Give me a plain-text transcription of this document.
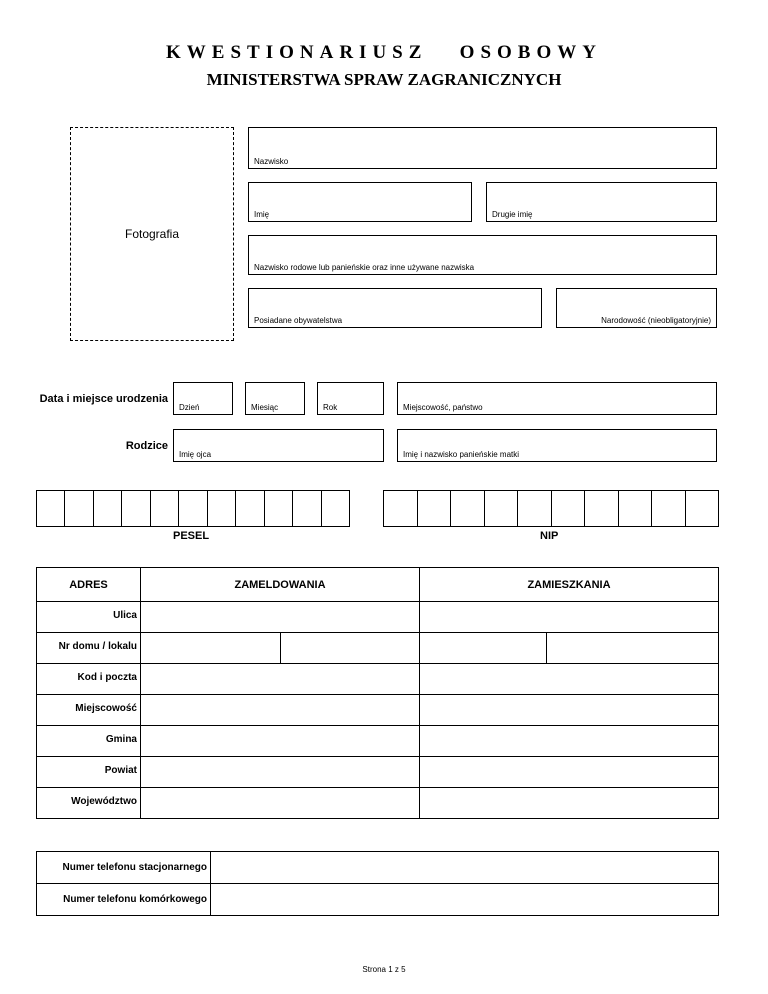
KWESTIONARIUSZ   OSOBOWY
MINISTERSTWA SPRAW ZAGRANICZNYCH
Fotografia
Nazwisko
Imię	Drugie imię
Nazwisko rodowe lub panieńskie oraz inne używane nazwiska
Posiadane obywatelstwa	Narodowość (nieobligatoryjnie)
Data i miejsce urodzenia
Dzień	Miesiąc	Rok	Miejscowość, państwo
Rodzice
Imię ojca	Imię i nazwisko panieńskie matki
PESEL	NIP
ADRES	ZAMELDOWANIA		ZAMIESZKANIA	
Ulica				
Nr domu / lokalu				
Kod i poczta				
Miejscowość				
Gmina				
Powiat				
Województwo				
Numer telefonu stacjonarnego	
Numer telefonu komórkowego	
Strona 1 z 5
